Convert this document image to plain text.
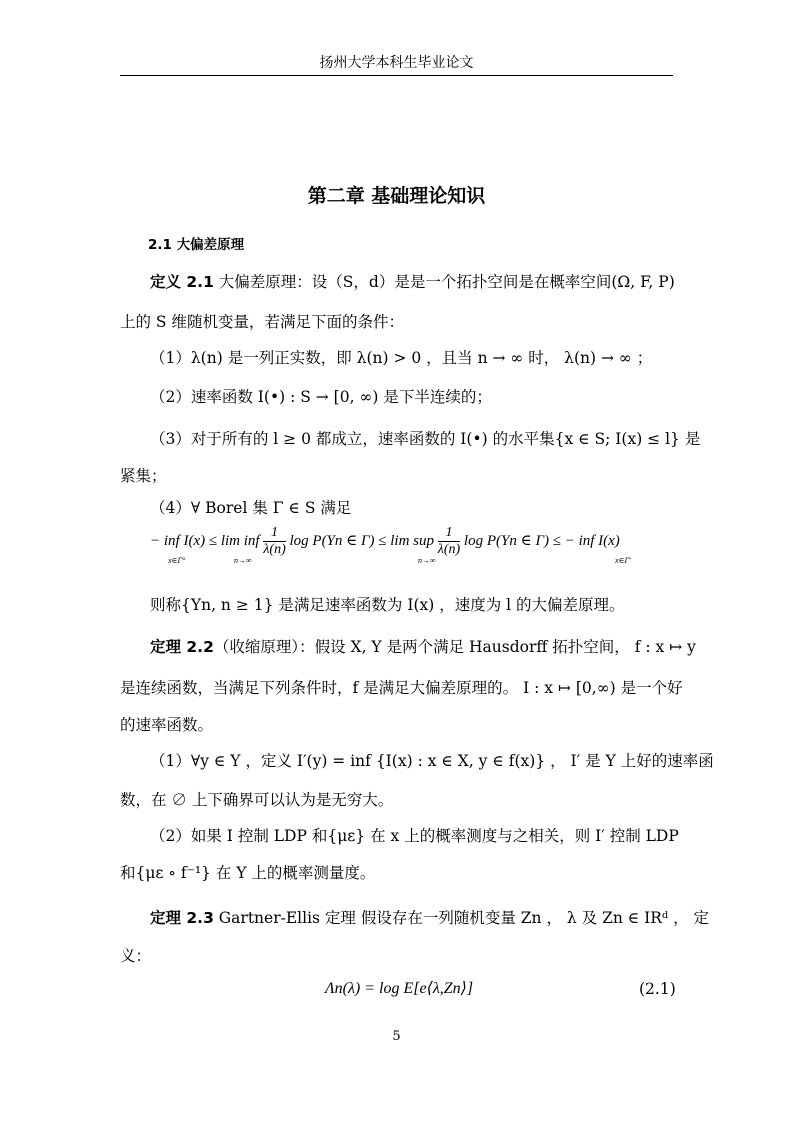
扬州大学本科生毕业论文
第二章 基础理论知识
2.1 大偏差原理
定义 2.1 大偏差原理：设（S，d）是是一个拓扑空间是在概率空间(Ω, F, P)
上的 S 维随机变量，若满足下面的条件：
（1）λ(n) 是一列正实数，即 λ(n) > 0 ，且当 n → ∞ 时， λ(n) → ∞ ；
（2）速率函数 I(•) : S → [0, ∞) 是下半连续的；
（3）对于所有的 l ≥ 0 都成立，速率函数的 I(•) 的水平集{x ∈ S; I(x) ≤ l} 是
紧集；
（4）∀ Borel 集 Γ ∈ S 满足
− inf I(x) ≤ lim inf $\frac{1}{\lambda(n)}$ log P(Yn ∈ Γ) ≤ lim sup $\frac{1}{\lambda(n)}$ log P(Yn ∈ Γ) ≤ − inf I(x)
x∈Γ°	n→∞	n→∞	x∈Γ̄
则称{Yn, n ≥ 1} 是满足速率函数为 I(x) ，速度为 l 的大偏差原理。
定理 2.2（收缩原理）：假设 X, Y 是两个满足 Hausdorff 拓扑空间， f : x ↦ y
是连续函数，当满足下列条件时，f 是满足大偏差原理的。 I : x ↦ [0,∞) 是一个好
的速率函数。
（1）∀y ∈ Y ，定义 I′(y) = inf {I(x) : x ∈ X, y ∈ f(x)} ， I′ 是 Y 上好的速率函
数，在 ∅ 上下确界可以认为是无穷大。
（2）如果 I 控制 LDP 和{με} 在 x 上的概率测度与之相关，则 I′ 控制 LDP
和{με ∘ f⁻¹} 在 Y 上的概率测量度。
定理 2.3 Gartner-Ellis 定理 假设存在一列随机变量 Zn ， λ 及 Zn ∈ IRᵈ ， 定
义：
Λn(λ) = log E[e⟨λ,Zn⟩]	(2.1)
5
